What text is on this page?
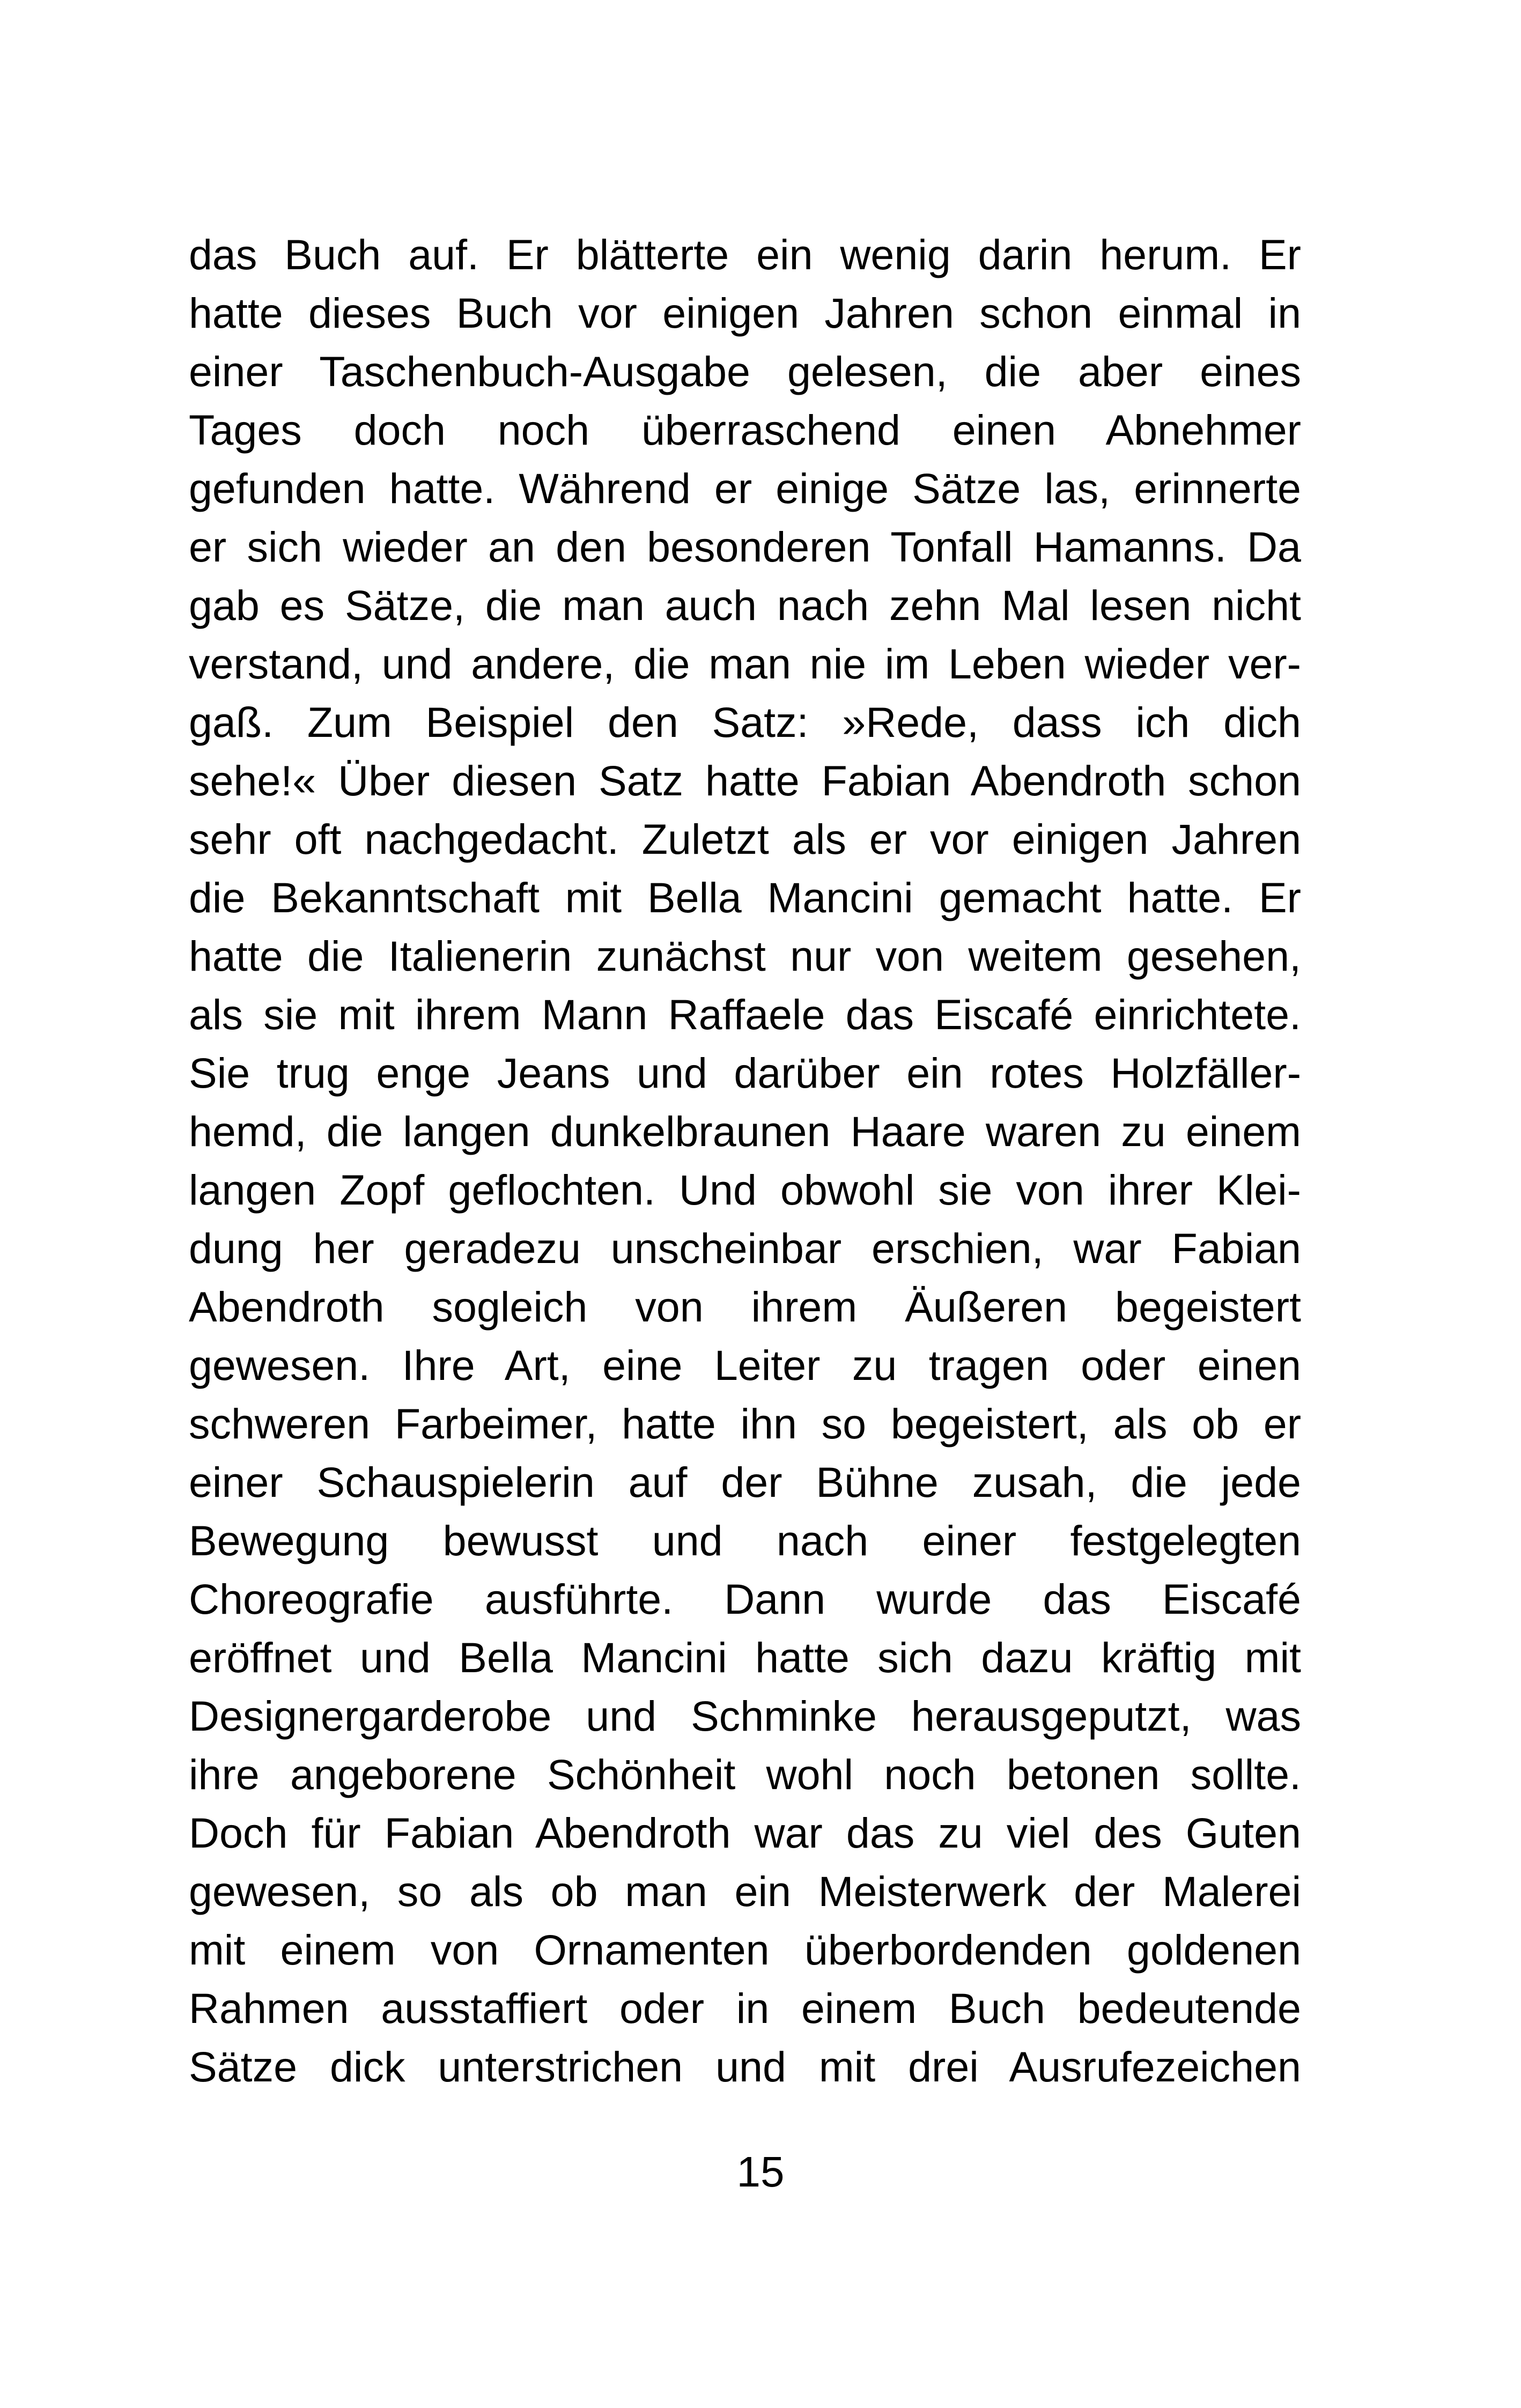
das Buch auf. Er blätterte ein wenig darin herum. Er
hatte dieses Buch vor einigen Jahren schon einmal in
einer Taschenbuch-Ausgabe gelesen, die aber eines
Tages doch noch überraschend einen Abnehmer
gefunden hatte. Während er einige Sätze las, erinnerte
er sich wieder an den besonderen Tonfall Hamanns. Da
gab es Sätze, die man auch nach zehn Mal lesen nicht
verstand, und andere, die man nie im Leben wieder ver-
gaß. Zum Beispiel den Satz: »Rede, dass ich dich
sehe!« Über diesen Satz hatte Fabian Abendroth schon
sehr oft nachgedacht. Zuletzt als er vor einigen Jahren
die Bekanntschaft mit Bella Mancini gemacht hatte. Er
hatte die Italienerin zunächst nur von weitem gesehen,
als sie mit ihrem Mann Raffaele das Eiscafé einrichtete.
Sie trug enge Jeans und darüber ein rotes Holzfäller-
hemd, die langen dunkelbraunen Haare waren zu einem
langen Zopf geflochten. Und obwohl sie von ihrer Klei-
dung her geradezu unscheinbar erschien, war Fabian
Abendroth sogleich von ihrem Äußeren begeistert
gewesen. Ihre Art, eine Leiter zu tragen oder einen
schweren Farbeimer, hatte ihn so begeistert, als ob er
einer Schauspielerin auf der Bühne zusah, die jede
Bewegung bewusst und nach einer festgelegten
Choreografie ausführte. Dann wurde das Eiscafé
eröffnet und Bella Mancini hatte sich dazu kräftig mit
Designergarderobe und Schminke herausgeputzt, was
ihre angeborene Schönheit wohl noch betonen sollte.
Doch für Fabian Abendroth war das zu viel des Guten
gewesen, so als ob man ein Meisterwerk der Malerei
mit einem von Ornamenten überbordenden goldenen
Rahmen ausstaffiert oder in einem Buch bedeutende
Sätze dick unterstrichen und mit drei Ausrufezeichen
15
